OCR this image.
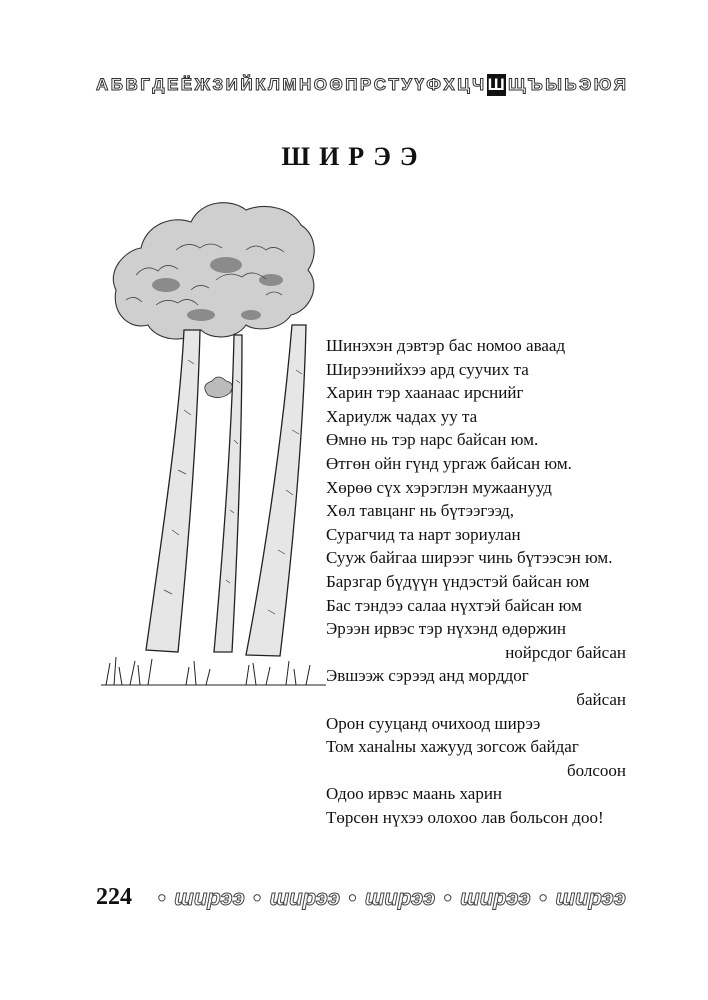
А Б В Г Д Е Ё Ж З И Й К Л М Н О Ө П Р С Т У Ү Ф Х Ц Ч Ш Щ Ъ Ы Ь Э Ю Я
ШИРЭЭ
Шинэхэн дэвтэр бас номоо аваад
Ширээнийхээ ард суучих та
Харин тэр хаанаас ирснийг
Хариулж чадах уу та
Өмнө нь тэр нарс байсан юм.
Өтгөн ойн гүнд ургаж байсан юм.
Хөрөө сүх хэрэглэн мужаанууд
Хөл тавцанг нь бүтээгээд,
Сурагчид та нарт зориулан
Сууж байгаа ширээг чинь бүтээсэн юм.
Барзгар бүдүүн үндэстэй байсан юм
Бас тэндээ салаа нүхтэй байсан юм
Эрээн ирвэс тэр нүхэнд өдөржин
нойрсдог байсан
Эвшээж сэрээд анд морддог
байсан
Орон сууцанд очихоод ширээ
Том ханаlны хажууд зогсож байдаг
болсоон
Одоо ирвэс маань харин
Төрсөн нүхээ олохоо лав больсон доо!
224	• ширээ • ширээ • ширээ • ширээ • ширээ
